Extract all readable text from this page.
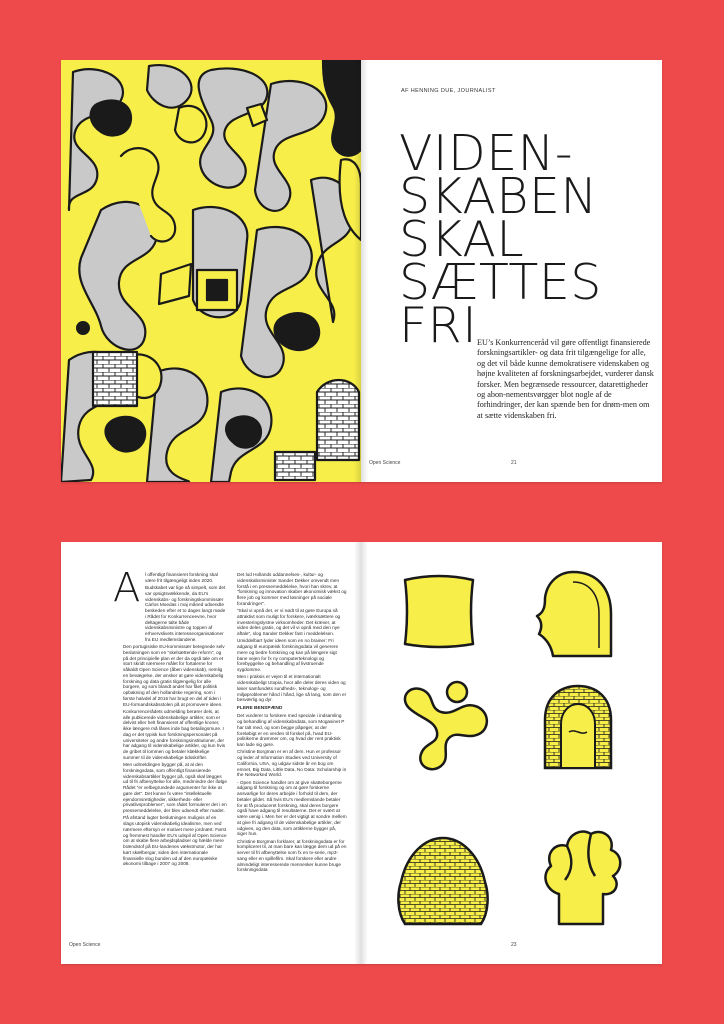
AF HENNING DUE, JOURNALIST
VIDEN-
SKABEN
SKAL
SÆTTES
FRI EU’s Konkurrenceråd vil gøre offentligt finansierede forskningsartikler- og data frit tilgængelige for alle, og det vil både kunne demokratisere videnskaben og højne kvaliteten af forskningsarbejdet, vurderer dansk forsker. Men begrænsede ressourcer, datarettigheder og abon-nementsvørgger blot nogle af de forhindringer, der kan spænde ben for drøm-men om at sætte videnskaben fri.

Open Science	21
A l offentligt finansieret forskning skal være frit tilgængeligt inden 2020.

Budskabet var lige så simpelt, som det var opsigtsvækkende, da EU’s videnskabs- og forskningskommissær Carlos Moedas i maj måned udsendte beskeden efter et to dages langt møde i Rådet for Konkurrenceevne, hvor deltagerne talte både videnskabsministre og toppen af erhvervslivets interesseorganisationer fra EU medlemslandene.

Den portugisiske EU-kommissær betegnede selv beslutningen som en “skelsættende reform”, og på det principielle plan er der da også tale om et stort skridt nærmere målet for fortalerne for såkaldt Open Science (åben videnskab), nemlig en bevægelse, der ønsker at gøre videnskabelig forskning og data gratis tilgængelig for alle borgere, og som blandt andet har fået politisk opbakning af den hollandske regering, som i første halvdel af 2016 har brugt en del af tiden i EU-formandskabsstolen på at promovere ideen.

Konkurrencerådets udmelding berører dels, at alle publicerede videnskabelige artikler, som er delvist eller helt finansieret af offentlige kroner, ikke længere må låses inde bag betalingsmure. I dag er det typisk kun forskningspersonalet på universiteter og andre forskningsinstitutioner, der har adgang til videnskabelige artikler, og kun hvis de gribet til lommen og betaler klækkelige summer til de videnskabelige tidsskrifter.

Men udmeldingen bygger på, at al den forskningsdata, som offentligt finansierede videnskabsartikler bygger på, også skal lægges ud til fri afbenyttelse for alle, medmindre der ifølge Rådet “er velbegrundede argumenter for ikke at gøre det”. Det kunne fx være “intellektuelle ejendomsrettigheder, sikkerheds- eller privatlivsproblemer”, som rådet formulerer det i en pressemeddelelse, der blev udsendt efter mødet.

På afstand lugter beslutningen muligvis af en slags utopisk videnskabelig idealisme, men ved nærmere eftersyn er motivet mere jordnært. Først og fremmest handler EU’s udspil af Open Science om at skabe flere arbejdspladser og hælde mere brændstof på EU-landenes vækstmotor, der har kørt skælbergar, siden den internationale finansielle slog bunden ud af den europæiske økonomi tilbage i 2007 og 2008.

Det lod Hollands uddannelses-, kultur- og videnskabsminister Sander Dekker omvendt men forstå i en pressemeddelelse, hvori han skrev, at “forskning og innovation skaber økonomisk vækst og flere job og kommer med løsninger på sociale forandringer”.

“Skal vi opnå det, er vi nødt til at gøre Europa så attraktivt som muligt for forskere, iværksættere og investeringslystne virksomheder. Det kræver, at viden deles gratis, og det vil vi opnå med den nye aftale”, slog Sander Dekker fast i meddelelsen.

Umiddelbart lyder ideen som en no brainer: Fri adgang til europæisk forskningsdata vil generere mere og bedre forskning og kan på længere sigt bane vejen for fx ny computerteknologi og forebyggelse og behandling af livstruende sygdomme.

Men i praksis er vejen til et internationalt videnskabeligt Utopia, hvor alle deler deres viden og løser samfundets sundheds-, teknologi- og miljøproblemer hånd i hånd, lige så lang, som den er besværlig og dyr.

FLERE BENSPÆND

Det vurderer to forskere med speciale i indsamling og behandling af videnskabsdata, som Mogasinet P har talt med, og som begge påpeger, at der foreløbigt er en verden til forskel på, hvad EU-politikerne drømmer om, og hvad der rent praktisk kan lade sig gøre.

Christine Borgman er en af dem. Hun er professor og leder af Information Studies ved University of California, USA, og udgav sidste år en bog om emnet, Big Data, Little Data, No Data: Scholarship in the Networked World.

- Open Science handler om at give skatteborgerne adgang til forskning og om at gøre forskerne ansvarlige for deres arbejde i forhold til dem, der betaler gildet. Så hvis EU’s medlemslande betaler for at få produceret forskning, skal deres borgere også have adgang til resultaterne. Det er svært at være uenig i. Men her er det vigtigt at sondre mellem at give fri adgang til de videnskabelige artikler, der udgives, og den data, som artiklerne bygger på, siger hun.

Christine Borgman forklarer, at forskningsdata er for kompliceret til, at man bare kan lægge dem ud på en server til fri afbenyttelse som fx en tv-serie, mp3-sang eller en spillefilm. Skal forskere eller andre almindeligt interesserede mennesker kunne bruge forskningsdata

Open Science	23
